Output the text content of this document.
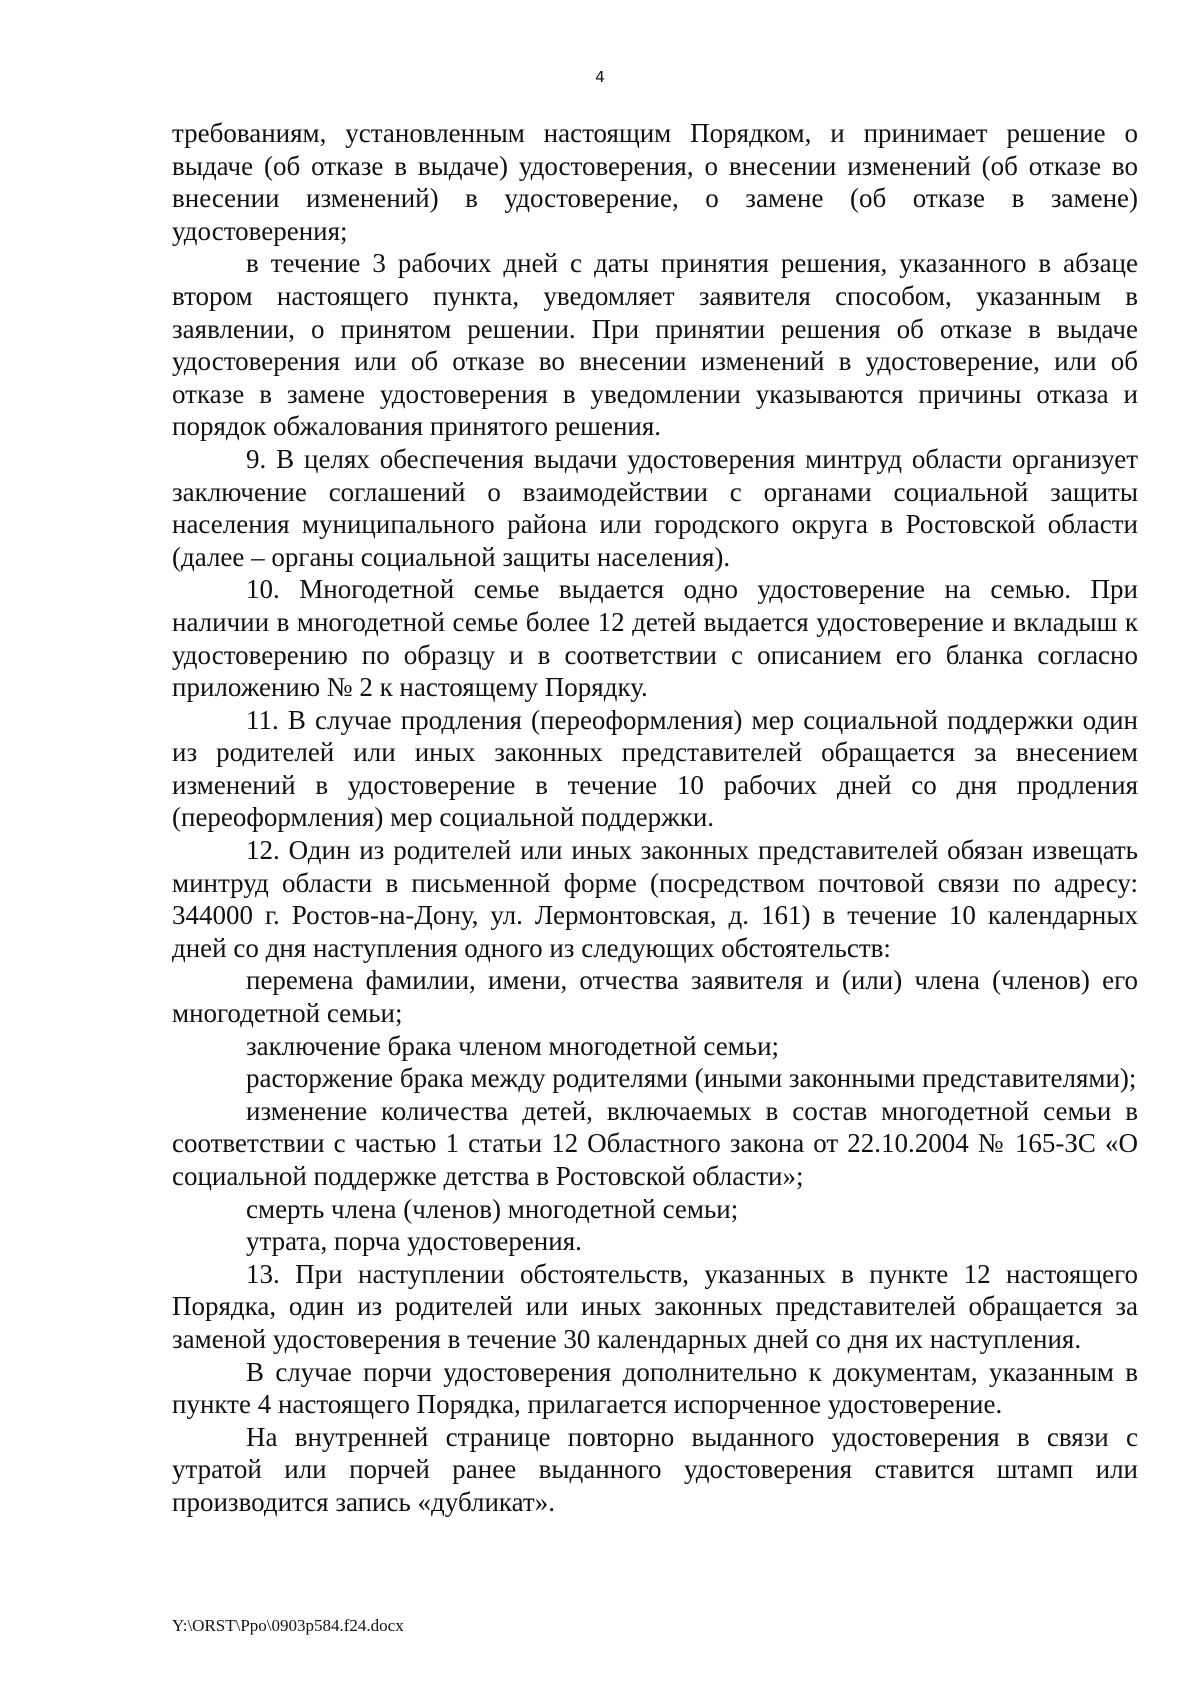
4

требованиям, установленным настоящим Порядком, и принимает решение о выдаче (об отказе в выдаче) удостоверения, о внесении изменений (об отказе во внесении изменений) в удостоверение, о замене (об отказе в замене) удостоверения;

в течение 3 рабочих дней с даты принятия решения, указанного в абзаце втором настоящего пункта, уведомляет заявителя способом, указанным в заявлении, о принятом решении. При принятии решения об отказе в выдаче удостоверения или об отказе во внесении изменений в удостоверение, или об отказе в замене удостоверения в уведомлении указываются причины отказа и порядок обжалования принятого решения.

9. В целях обеспечения выдачи удостоверения минтруд области организует заключение соглашений о взаимодействии с органами социальной защиты населения муниципального района или городского округа в Ростовской области (далее – органы социальной защиты населения).

10. Многодетной семье выдается одно удостоверение на семью. При наличии в многодетной семье более 12 детей выдается удостоверение и вкладыш к удостоверению по образцу и в соответствии с описанием его бланка согласно приложению № 2 к настоящему Порядку.

11. В случае продления (переоформления) мер социальной поддержки один из родителей или иных законных представителей обращается за внесением изменений в удостоверение в течение 10 рабочих дней со дня продления (переоформления) мер социальной поддержки.

12. Один из родителей или иных законных представителей обязан извещать минтруд области в письменной форме (посредством почтовой связи по адресу: 344000 г. Ростов-на-Дону, ул. Лермонтовская, д. 161) в течение 10 календарных дней со дня наступления одного из следующих обстоятельств:

перемена фамилии, имени, отчества заявителя и (или) члена (членов) его многодетной семьи;

заключение брака членом многодетной семьи;

расторжение брака между родителями (иными законными представителями);

изменение количества детей, включаемых в состав многодетной семьи в соответствии с частью 1 статьи 12 Областного закона от 22.10.2004 № 165-ЗС «О социальной поддержке детства в Ростовской области»;

смерть члена (членов) многодетной семьи;

утрата, порча удостоверения.

13. При наступлении обстоятельств, указанных в пункте 12 настоящего Порядка, один из родителей или иных законных представителей обращается за заменой удостоверения в течение 30 календарных дней со дня их наступления.

В случае порчи удостоверения дополнительно к документам, указанным в пункте 4 настоящего Порядка, прилагается испорченное удостоверение.

На внутренней странице повторно выданного удостоверения в связи с утратой или порчей ранее выданного удостоверения ставится штамп или производится запись «дубликат».

Y:\ORST\Ppo\0903p584.f24.docx
